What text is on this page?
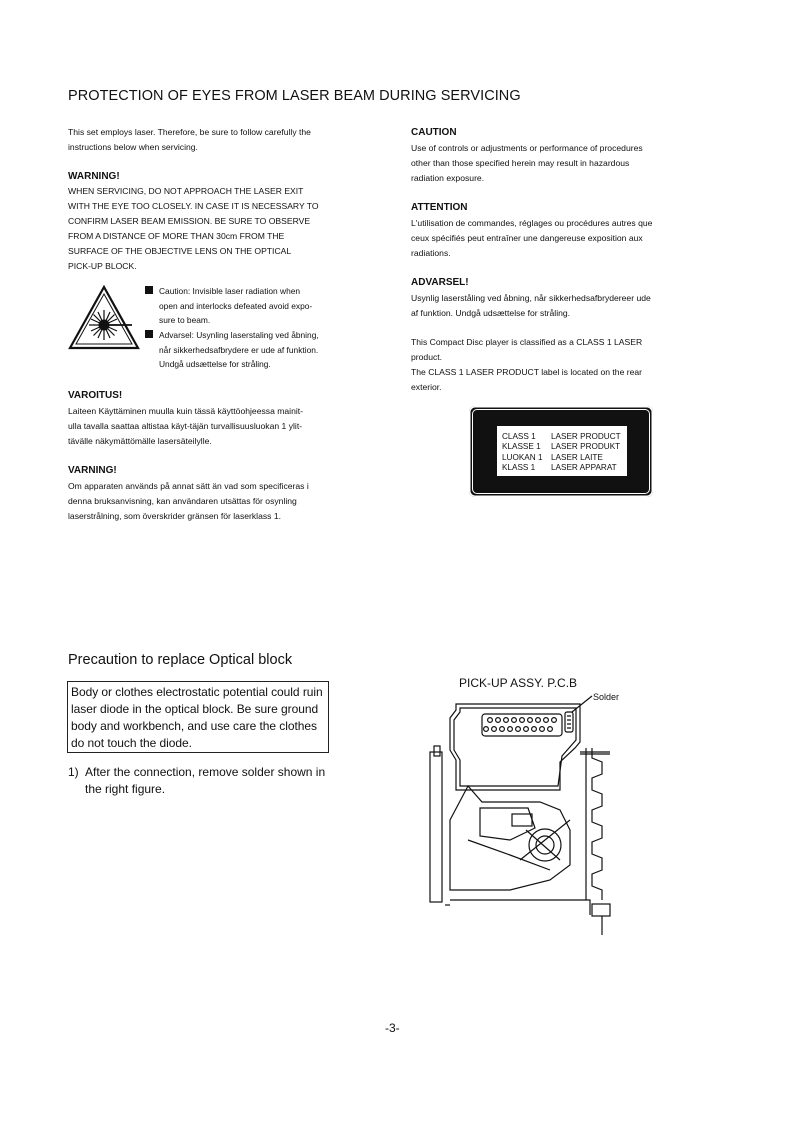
PROTECTION OF EYES FROM LASER BEAM DURING SERVICING
This set employs laser. Therefore, be sure to follow carefully the
instructions below when servicing.
WARNING!
WHEN SERVICING, DO NOT APPROACH THE LASER EXIT
WITH THE EYE TOO CLOSELY. IN CASE IT IS NECESSARY TO
CONFIRM LASER BEAM EMISSION. BE SURE TO OBSERVE
FROM A DISTANCE OF MORE THAN 30cm FROM THE
SURFACE OF THE OBJECTIVE LENS ON THE OPTICAL
PICK-UP BLOCK.
Caution: Invisible laser radiation when
open and interlocks defeated avoid expo-
sure to beam.
Advarsel: Usynling laserstaling ved åbning,
når sikkerhedsafbrydere er ude af funktion.
Undgå udsættelse for stråling.
VAROITUS!
Laiteen Käyttäminen muulla kuin tässä käyttöohjeessa mainit-
ulla tavalla saattaa altistaa käyt-täjän turvallisuusluokan 1 ylit-
tävälle näkymättömälle lasersäteilylle.
VARNING!
Om apparaten används på annat sätt än vad som specificeras i
denna bruksanvisning, kan användaren utsättas för osynling
laserstrålning, som överskrider gränsen för laserklass 1.
CAUTION
Use of controls or adjustments or performance of procedures
other than those specified herein may result in hazardous
radiation exposure.
ATTENTION
L'utilisation de commandes, réglages ou procédures autres que
ceux spécifiés peut entraîner une dangereuse exposition aux
radiations.
ADVARSEL!
Usynlig laserståling ved åbning, når sikkerhedsafbrydereer ude
af funktion. Undgå udsættelse for stråling.
This Compact Disc player is classified as a CLASS 1 LASER
product.
The CLASS 1 LASER PRODUCT label is located on the rear
exterior.
CLASS 1	LASER PRODUCT
KLASSE 1	LASER PRODUKT
LUOKAN 1	LASER LAITE
KLASS 1	LASER APPARAT
Precaution to replace Optical block
Body or clothes electrostatic potential could ruin
laser diode in the optical block. Be sure ground
body and workbench, and use care the clothes
do not touch the diode.
1) After the connection, remove solder shown in
the right figure.
PICK-UP ASSY. P.C.B
Solder
-3-
